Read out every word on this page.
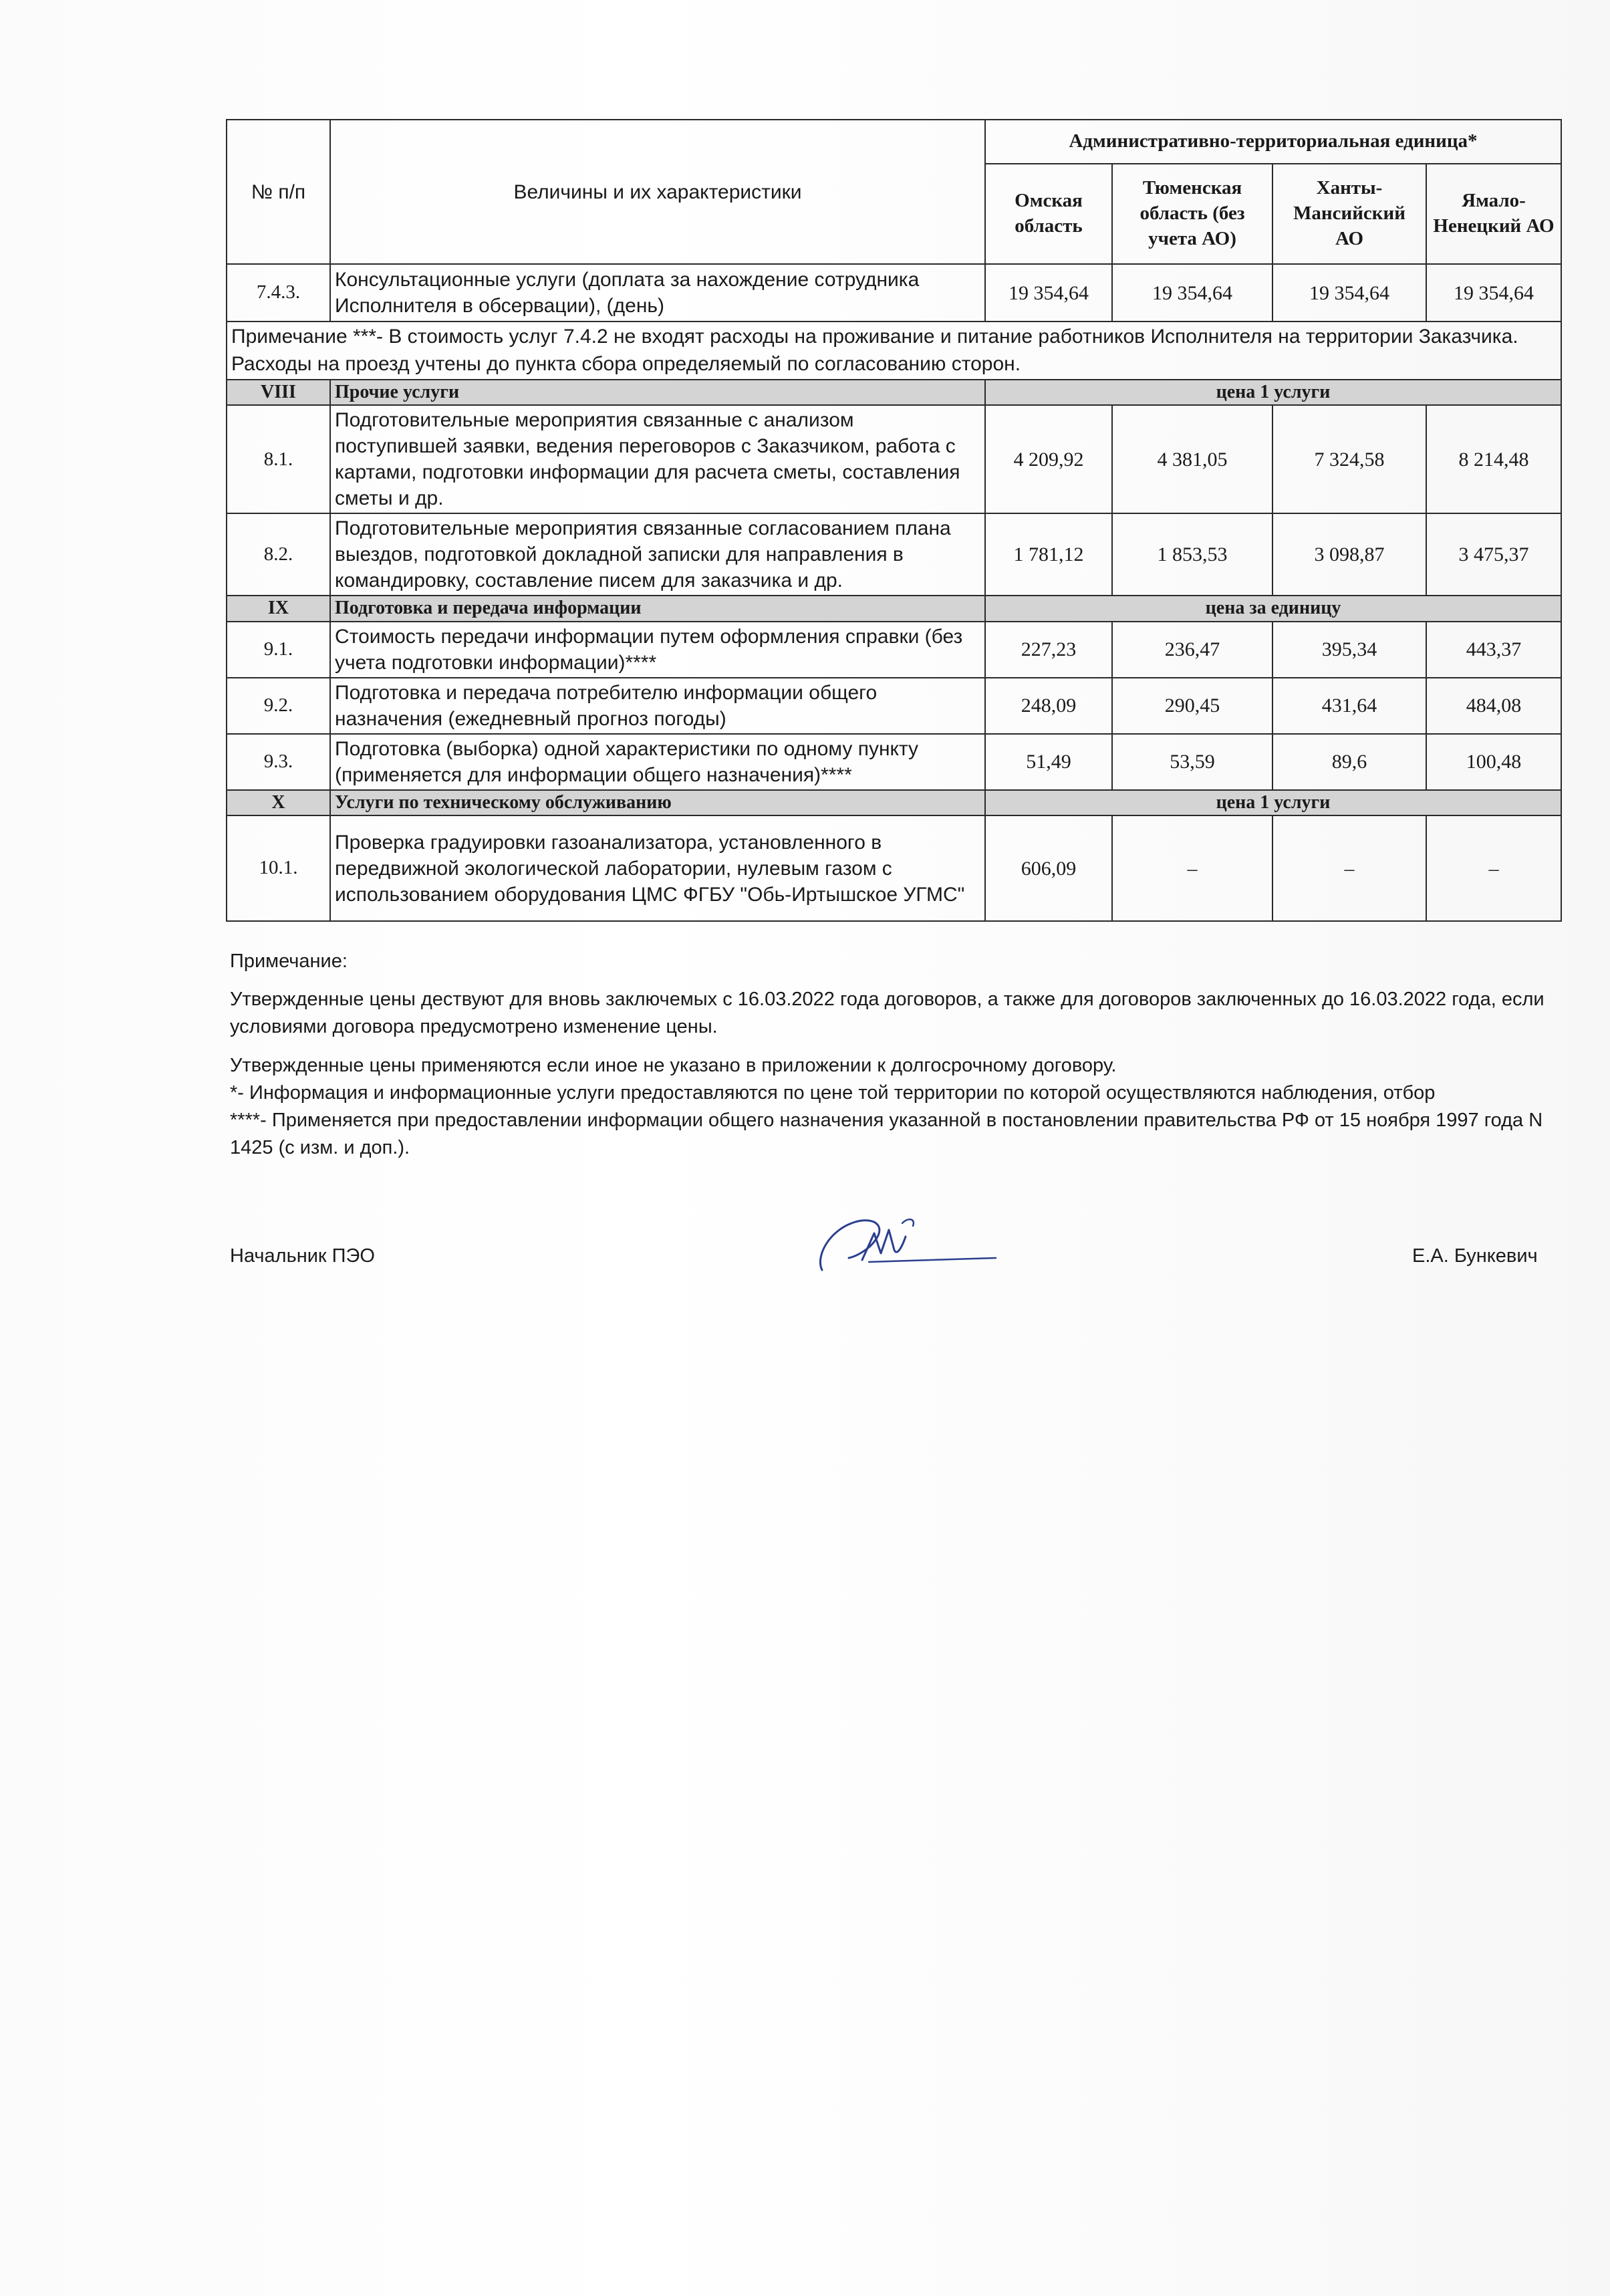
№ п/п	Величины и их характеристики	Административно-территориальная единица*			
		Омская область	Тюменская область (без учета АО)	Ханты-Мансийский АО	Ямало-Ненецкий АО
7.4.3.	Консультационные услуги (доплата за нахождение сотрудника Исполнителя в обсервации), (день)	19 354,64	19 354,64	19 354,64	19 354,64
Примечание ***- В стоимость услуг 7.4.2 не входят расходы на проживание и питание работников Исполнителя на территории Заказчика. Расходы на проезд учтены до пункта сбора определяемый по согласованию сторон.					
VIII	Прочие услуги	цена 1 услуги			
8.1.	Подготовительные мероприятия связанные с анализом поступившей заявки, ведения переговоров с Заказчиком, работа с картами, подготовки информации для расчета сметы, составления сметы и др.	4 209,92	4 381,05	7 324,58	8 214,48
8.2.	Подготовительные мероприятия связанные согласованием плана выездов, подготовкой докладной записки для направления в командировку, составление писем для заказчика и др.	1 781,12	1 853,53	3 098,87	3 475,37
IX	Подготовка и передача информации	цена за единицу			
9.1.	Стоимость передачи информации путем оформления справки (без учета подготовки информации)****	227,23	236,47	395,34	443,37
9.2.	Подготовка и передача потребителю информации общего назначения (ежедневный прогноз погоды)	248,09	290,45	431,64	484,08
9.3.	Подготовка (выборка) одной характеристики по одному пункту (применяется для информации общего назначения)****	51,49	53,59	89,6	100,48
X	Услуги по техническому обслуживанию	цена 1 услуги			
10.1.	Проверка градуировки газоанализатора, установленного в передвижной экологической лаборатории, нулевым газом с использованием оборудования ЦМС ФГБУ "Обь-Иртышское УГМС"	606,09	–	–	–

Примечание:

Утвержденные цены дествуют для вновь заключемых с 16.03.2022 года договоров, а также для договоров заключенных до 16.03.2022 года, если условиями договора предусмотрено изменение цены.

Утвержденные цены применяются если иное не указано в приложении к долгосрочному договору.

*- Информация и информационные услуги предоставляются по цене той территории по которой осуществляются наблюдения, отбор

****- Применяется при предоставлении информации общего назначения указанной в постановлении правительства РФ от 15 ноября 1997 года N 1425 (с изм. и доп.).

Начальник ПЭО	Е.А. Бункевич
